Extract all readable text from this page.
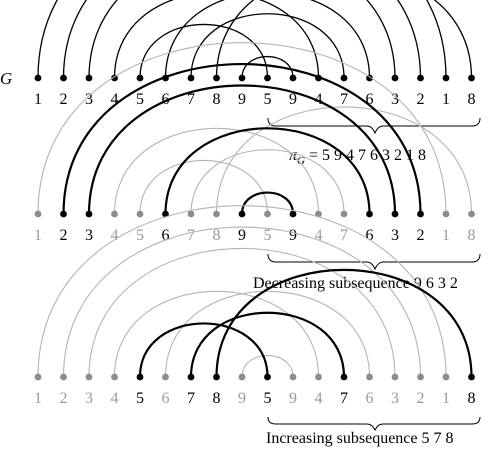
1 2 3 4 5 6 7 8 9 5 9 4 7 6 3 2 1 8
G
$\pi_G = 5$ 9 4 7 6 3 2 1 8
1 2 3 4 5 6 7 8 9 5 9 4 7 6 3 2 1 8
Decreasing subsequence 9 6 3 2
1 2 3 4 5 6 7 8 9 5 9 4 7 6 3 2 1 8
Increasing subsequence 5 7 8
